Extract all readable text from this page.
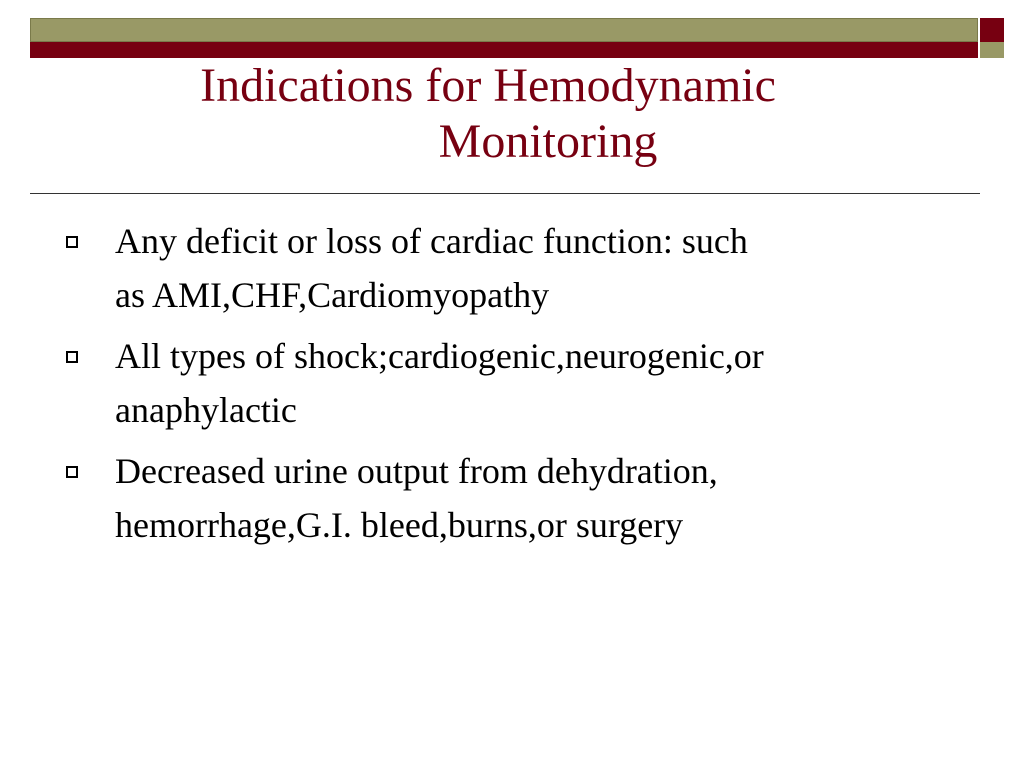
Indications for Hemodynamic
Monitoring
Any deficit or loss of cardiac function: such
as AMI,CHF,Cardiomyopathy
All types of shock;cardiogenic,neurogenic,or
anaphylactic
Decreased urine output from dehydration,
hemorrhage,G.I. bleed,burns,or surgery
